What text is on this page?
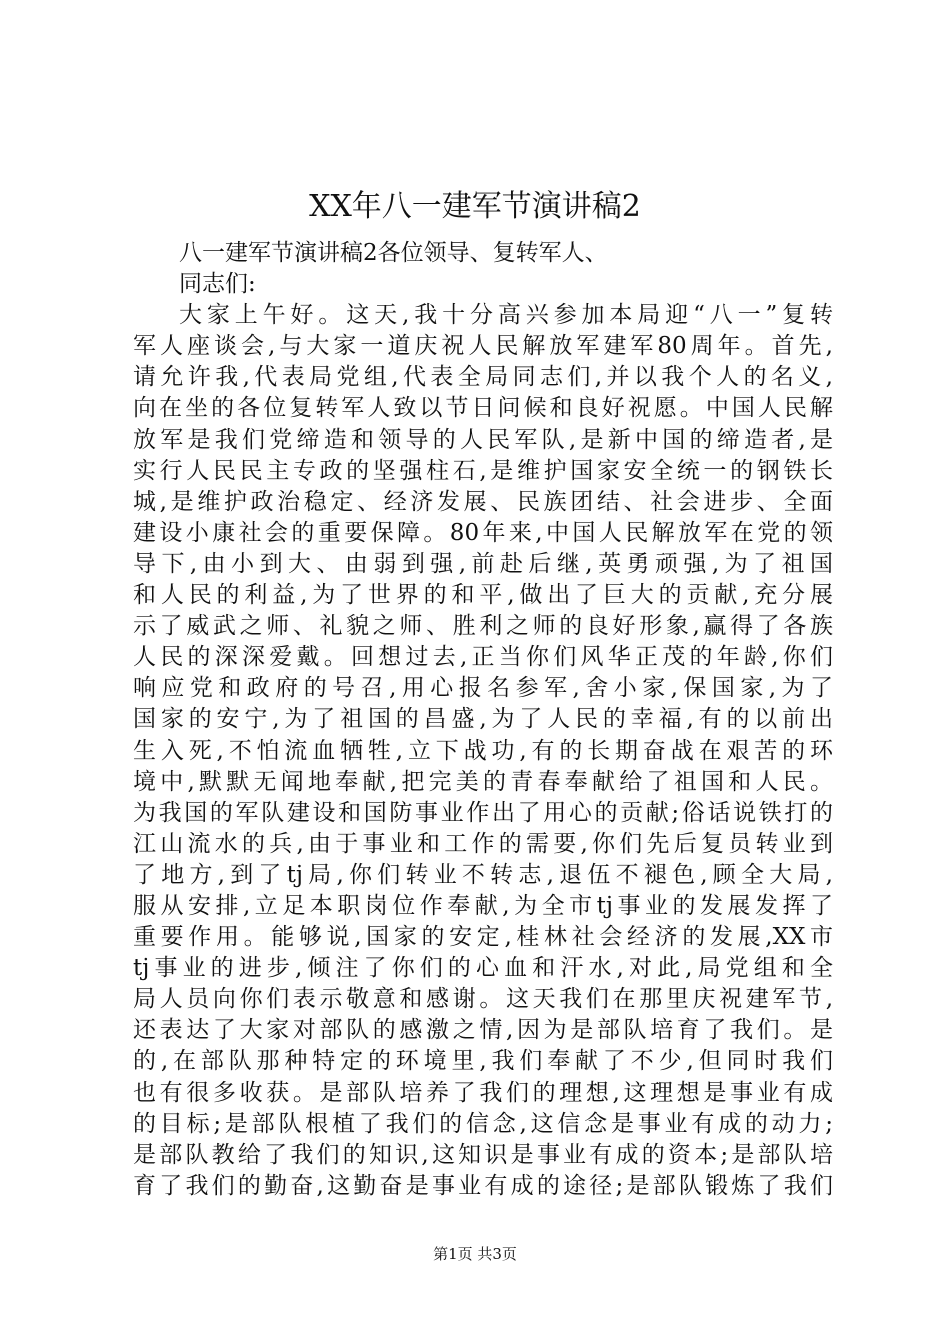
XX年八一建军节演讲稿2
八一建军节演讲稿2各位领导、复转军人、
同志们:
大家上午好。这天,我十分高兴参加本局迎“八一”复转
军人座谈会,与大家一道庆祝人民解放军建军80周年。首先,
请允许我,代表局党组,代表全局同志们,并以我个人的名义,
向在坐的各位复转军人致以节日问候和良好祝愿。中国人民解
放军是我们党缔造和领导的人民军队,是新中国的缔造者,是
实行人民民主专政的坚强柱石,是维护国家安全统一的钢铁长
城,是维护政治稳定、经济发展、民族团结、社会进步、全面
建设小康社会的重要保障。80年来,中国人民解放军在党的领
导下,由小到大、由弱到强,前赴后继,英勇顽强,为了祖国
和人民的利益,为了世界的和平,做出了巨大的贡献,充分展
示了威武之师、礼貌之师、胜利之师的良好形象,赢得了各族
人民的深深爱戴。回想过去,正当你们风华正茂的年龄,你们
响应党和政府的号召,用心报名参军,舍小家,保国家,为了
国家的安宁,为了祖国的昌盛,为了人民的幸福,有的以前出
生入死,不怕流血牺牲,立下战功,有的长期奋战在艰苦的环
境中,默默无闻地奉献,把完美的青春奉献给了祖国和人民。
为我国的军队建设和国防事业作出了用心的贡献;俗话说铁打的
江山流水的兵,由于事业和工作的需要,你们先后复员转业到
了地方,到了tj局,你们转业不转志,退伍不褪色,顾全大局,
服从安排,立足本职岗位作奉献,为全市tj事业的发展发挥了
重要作用。能够说,国家的安定,桂林社会经济的发展,XX市
tj事业的进步,倾注了你们的心血和汗水,对此,局党组和全
局人员向你们表示敬意和感谢。这天我们在那里庆祝建军节,
还表达了大家对部队的感激之情,因为是部队培育了我们。是
的,在部队那种特定的环境里,我们奉献了不少,但同时我们
也有很多收获。是部队培养了我们的理想,这理想是事业有成
的目标;是部队根植了我们的信念,这信念是事业有成的动力;
是部队教给了我们的知识,这知识是事业有成的资本;是部队培
育了我们的勤奋,这勤奋是事业有成的途径;是部队锻炼了我们
第1页 共3页
